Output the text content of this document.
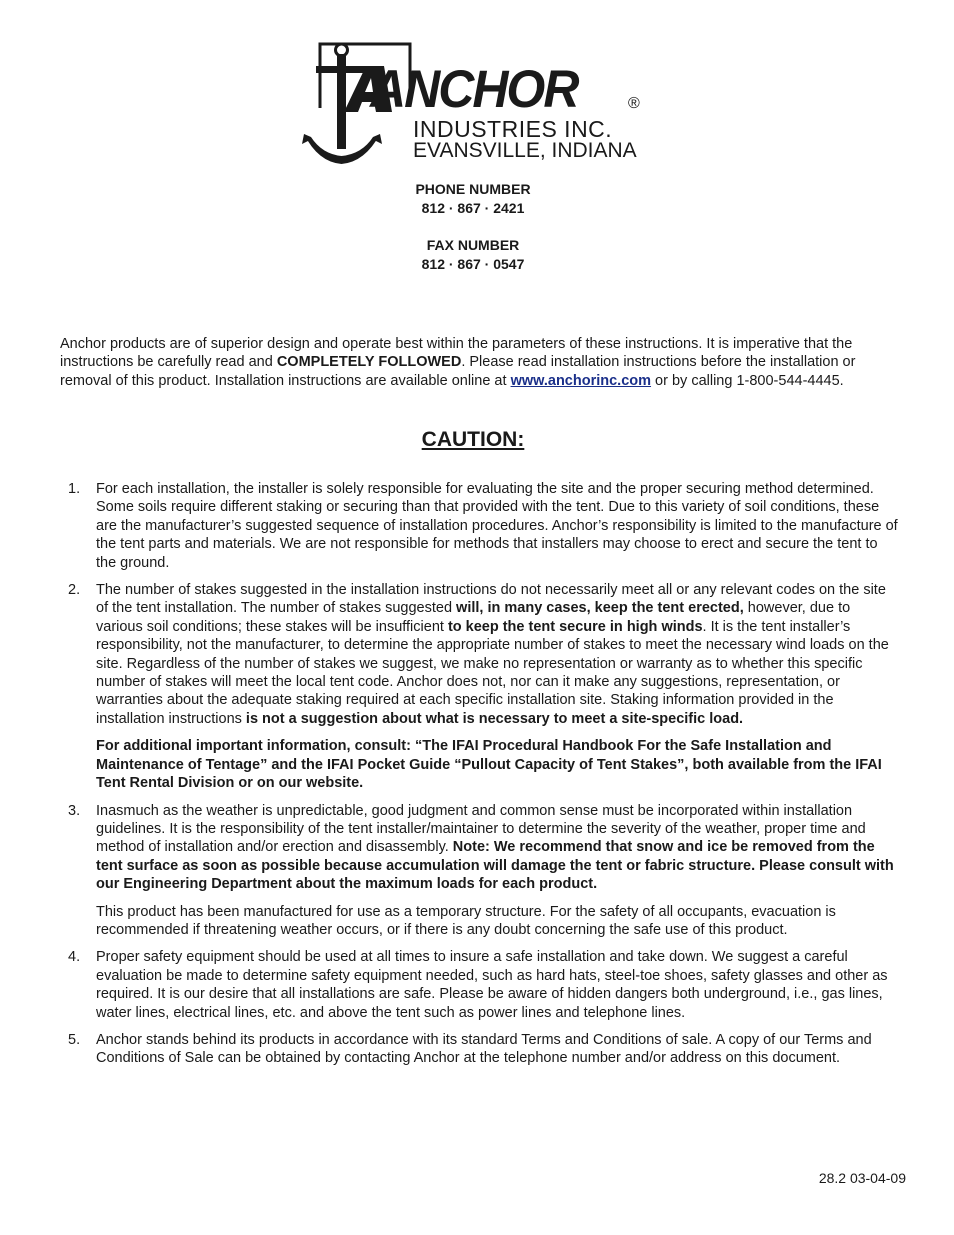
ANCHOR	®
INDUSTRIES INC.
EVANSVILLE, INDIANA
PHONE NUMBER
812 · 867 · 2421
FAX NUMBER
812 · 867 · 0547
Anchor products are of superior design and operate best within the parameters of these instructions. It is imperative that the instructions be carefully read and COMPLETELY FOLLOWED. Please read installation instructions before the installation or removal of this product. Installation instructions are available online at www.anchorinc.com or by calling 1-800-544-4445.
CAUTION:
1. For each installation, the installer is solely responsible for evaluating the site and the proper securing method determined. Some soils require different staking or securing than that provided with the tent. Due to this variety of soil conditions, these are the manufacturer’s suggested sequence of installation procedures. Anchor’s responsibility is limited to the manufacture of the tent parts and materials. We are not responsible for methods that installers may choose to erect and secure the tent to the ground.

2. The number of stakes suggested in the installation instructions do not necessarily meet all or any relevant codes on the site of the tent installation. The number of stakes suggested will, in many cases, keep the tent erected, however, due to various soil conditions; these stakes will be insufficient to keep the tent secure in high winds. It is the tent installer’s responsibility, not the manufacturer, to determine the appropriate number of stakes to meet the necessary wind loads on the site. Regardless of the number of stakes we suggest, we make no representation or warranty as to whether this specific number of stakes will meet the local tent code. Anchor does not, nor can it make any suggestions, representation, or warranties about the adequate staking required at each specific installation site. Staking information provided in the installation instructions is not a suggestion about what is necessary to meet a site-specific load.

For additional important information, consult: “The IFAI Procedural Handbook For the Safe Installation and Maintenance of Tentage” and the IFAI Pocket Guide “Pullout Capacity of Tent Stakes”, both available from the IFAI Tent Rental Division or on our website.

3. Inasmuch as the weather is unpredictable, good judgment and common sense must be incorporated within installation guidelines. It is the responsibility of the tent installer/maintainer to determine the severity of the weather, proper time and method of installation and/or erection and disassembly. Note: We recommend that snow and ice be removed from the tent surface as soon as possible because accumulation will damage the tent or fabric structure. Please consult with our Engineering Department about the maximum loads for each product.

This product has been manufactured for use as a temporary structure. For the safety of all occupants, evacuation is recommended if threatening weather occurs, or if there is any doubt concerning the safe use of this product.

4. Proper safety equipment should be used at all times to insure a safe installation and take down. We suggest a careful evaluation be made to determine safety equipment needed, such as hard hats, steel-toe shoes, safety glasses and other as required. It is our desire that all installations are safe. Please be aware of hidden dangers both underground, i.e., gas lines, water lines, electrical lines, etc. and above the tent such as power lines and telephone lines.

5. Anchor stands behind its products in accordance with its standard Terms and Conditions of sale. A copy of our Terms and Conditions of Sale can be obtained by contacting Anchor at the telephone number and/or address on this document.

28.2 03-04-09
